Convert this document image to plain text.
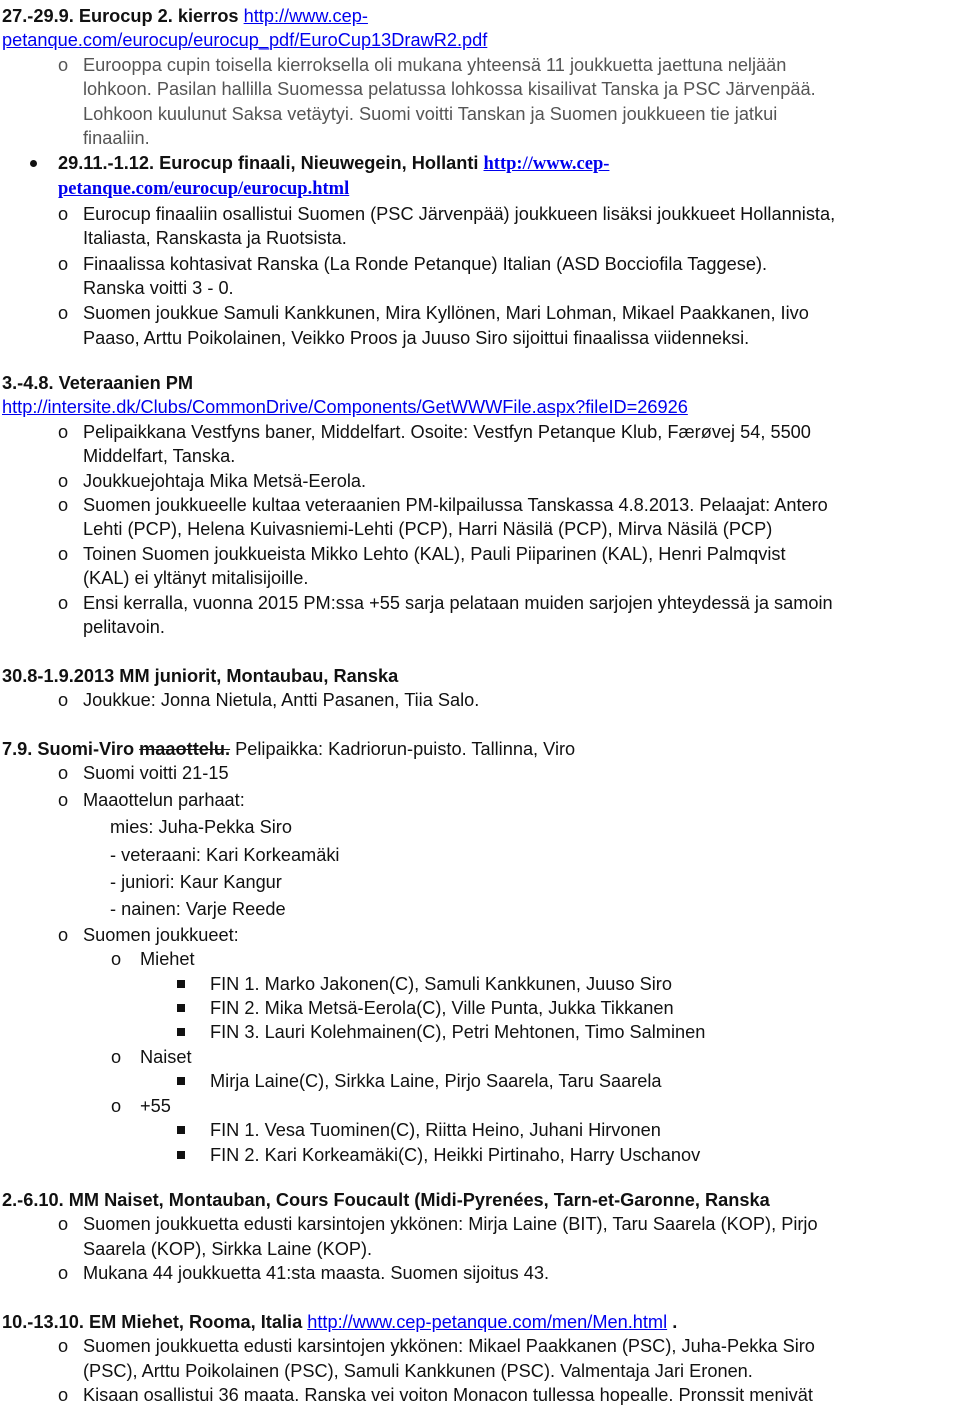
27.-29.9. Eurocup 2. kierros http://www.cep-
petanque.com/eurocup/eurocup_pdf/EuroCup13DrawR2.pdf
o Eurooppa cupin toisella kierroksella oli mukana yhteensä 11 joukkuetta jaettuna neljään
lohkoon. Pasilan hallilla Suomessa pelatussa lohkossa kisailivat Tanska ja PSC Järvenpää.
Lohkoon kuulunut Saksa vetäytyi. Suomi voitti Tanskan ja Suomen joukkueen tie jatkui
finaaliin.
29.11.-1.12. Eurocup finaali, Nieuwegein, Hollanti http://www.cep-
petanque.com/eurocup/eurocup.html
o Eurocup finaaliin osallistui Suomen (PSC Järvenpää) joukkueen lisäksi joukkueet Hollannista,
Italiasta, Ranskasta ja Ruotsista.
o Finaalissa kohtasivat Ranska (La Ronde Petanque) Italian (ASD Bocciofila Taggese).
Ranska voitti 3 - 0.
o Suomen joukkue Samuli Kankkunen, Mira Kyllönen, Mari Lohman, Mikael Paakkanen, Iivo
Paaso, Arttu Poikolainen, Veikko Proos ja Juuso Siro sijoittui finaalissa viidenneksi.
3.-4.8. Veteraanien PM
http://intersite.dk/Clubs/CommonDrive/Components/GetWWWFile.aspx?fileID=26926
o Pelipaikkana Vestfyns baner, Middelfart. Osoite: Vestfyn Petanque Klub, Færøvej 54, 5500
Middelfart, Tanska.
o Joukkuejohtaja Mika Metsä-Eerola.
o Suomen joukkueelle kultaa veteraanien PM-kilpailussa Tanskassa 4.8.2013. Pelaajat: Antero
Lehti (PCP), Helena Kuivasniemi-Lehti (PCP), Harri Näsilä (PCP), Mirva Näsilä (PCP)
o Toinen Suomen joukkueista Mikko Lehto (KAL), Pauli Piiparinen (KAL), Henri Palmqvist
(KAL) ei yltänyt mitalisijoille.
o Ensi kerralla, vuonna 2015 PM:ssa +55 sarja pelataan muiden sarjojen yhteydessä ja samoin
pelitavoin.
30.8-1.9.2013 MM juniorit, Montaubau, Ranska
o Joukkue: Jonna Nietula, Antti Pasanen, Tiia Salo.
7.9. Suomi-Viro maaottelu. Pelipaikka: Kadriorun-puisto. Tallinna, Viro
o Suomi voitti 21-15
o Maaottelun parhaat:
mies: Juha-Pekka Siro
- veteraani: Kari Korkeamäki
- juniori: Kaur Kangur
- nainen: Varje Reede
o Suomen joukkueet:
o Miehet
FIN 1. Marko Jakonen(C), Samuli Kankkunen, Juuso Siro
FIN 2. Mika Metsä-Eerola(C), Ville Punta, Jukka Tikkanen
FIN 3. Lauri Kolehmainen(C), Petri Mehtonen, Timo Salminen
o Naiset
Mirja Laine(C), Sirkka Laine, Pirjo Saarela, Taru Saarela
o +55
FIN 1. Vesa Tuominen(C), Riitta Heino, Juhani Hirvonen
FIN 2. Kari Korkeamäki(C), Heikki Pirtinaho, Harry Uschanov
2.-6.10. MM Naiset, Montauban, Cours Foucault (Midi-Pyrenées, Tarn-et-Garonne, Ranska
o Suomen joukkuetta edusti karsintojen ykkönen: Mirja Laine (BIT), Taru Saarela (KOP), Pirjo
Saarela (KOP), Sirkka Laine (KOP).
o Mukana 44 joukkuetta 41:sta maasta. Suomen sijoitus 43.
10.-13.10. EM Miehet, Rooma, Italia http://www.cep-petanque.com/men/Men.html .
o Suomen joukkuetta edusti karsintojen ykkönen: Mikael Paakkanen (PSC), Juha-Pekka Siro
(PSC), Arttu Poikolainen (PSC), Samuli Kankkunen (PSC). Valmentaja Jari Eronen.
o Kisaan osallistui 36 maata. Ranska vei voiton Monacon tullessa hopealle. Pronssit menivät
